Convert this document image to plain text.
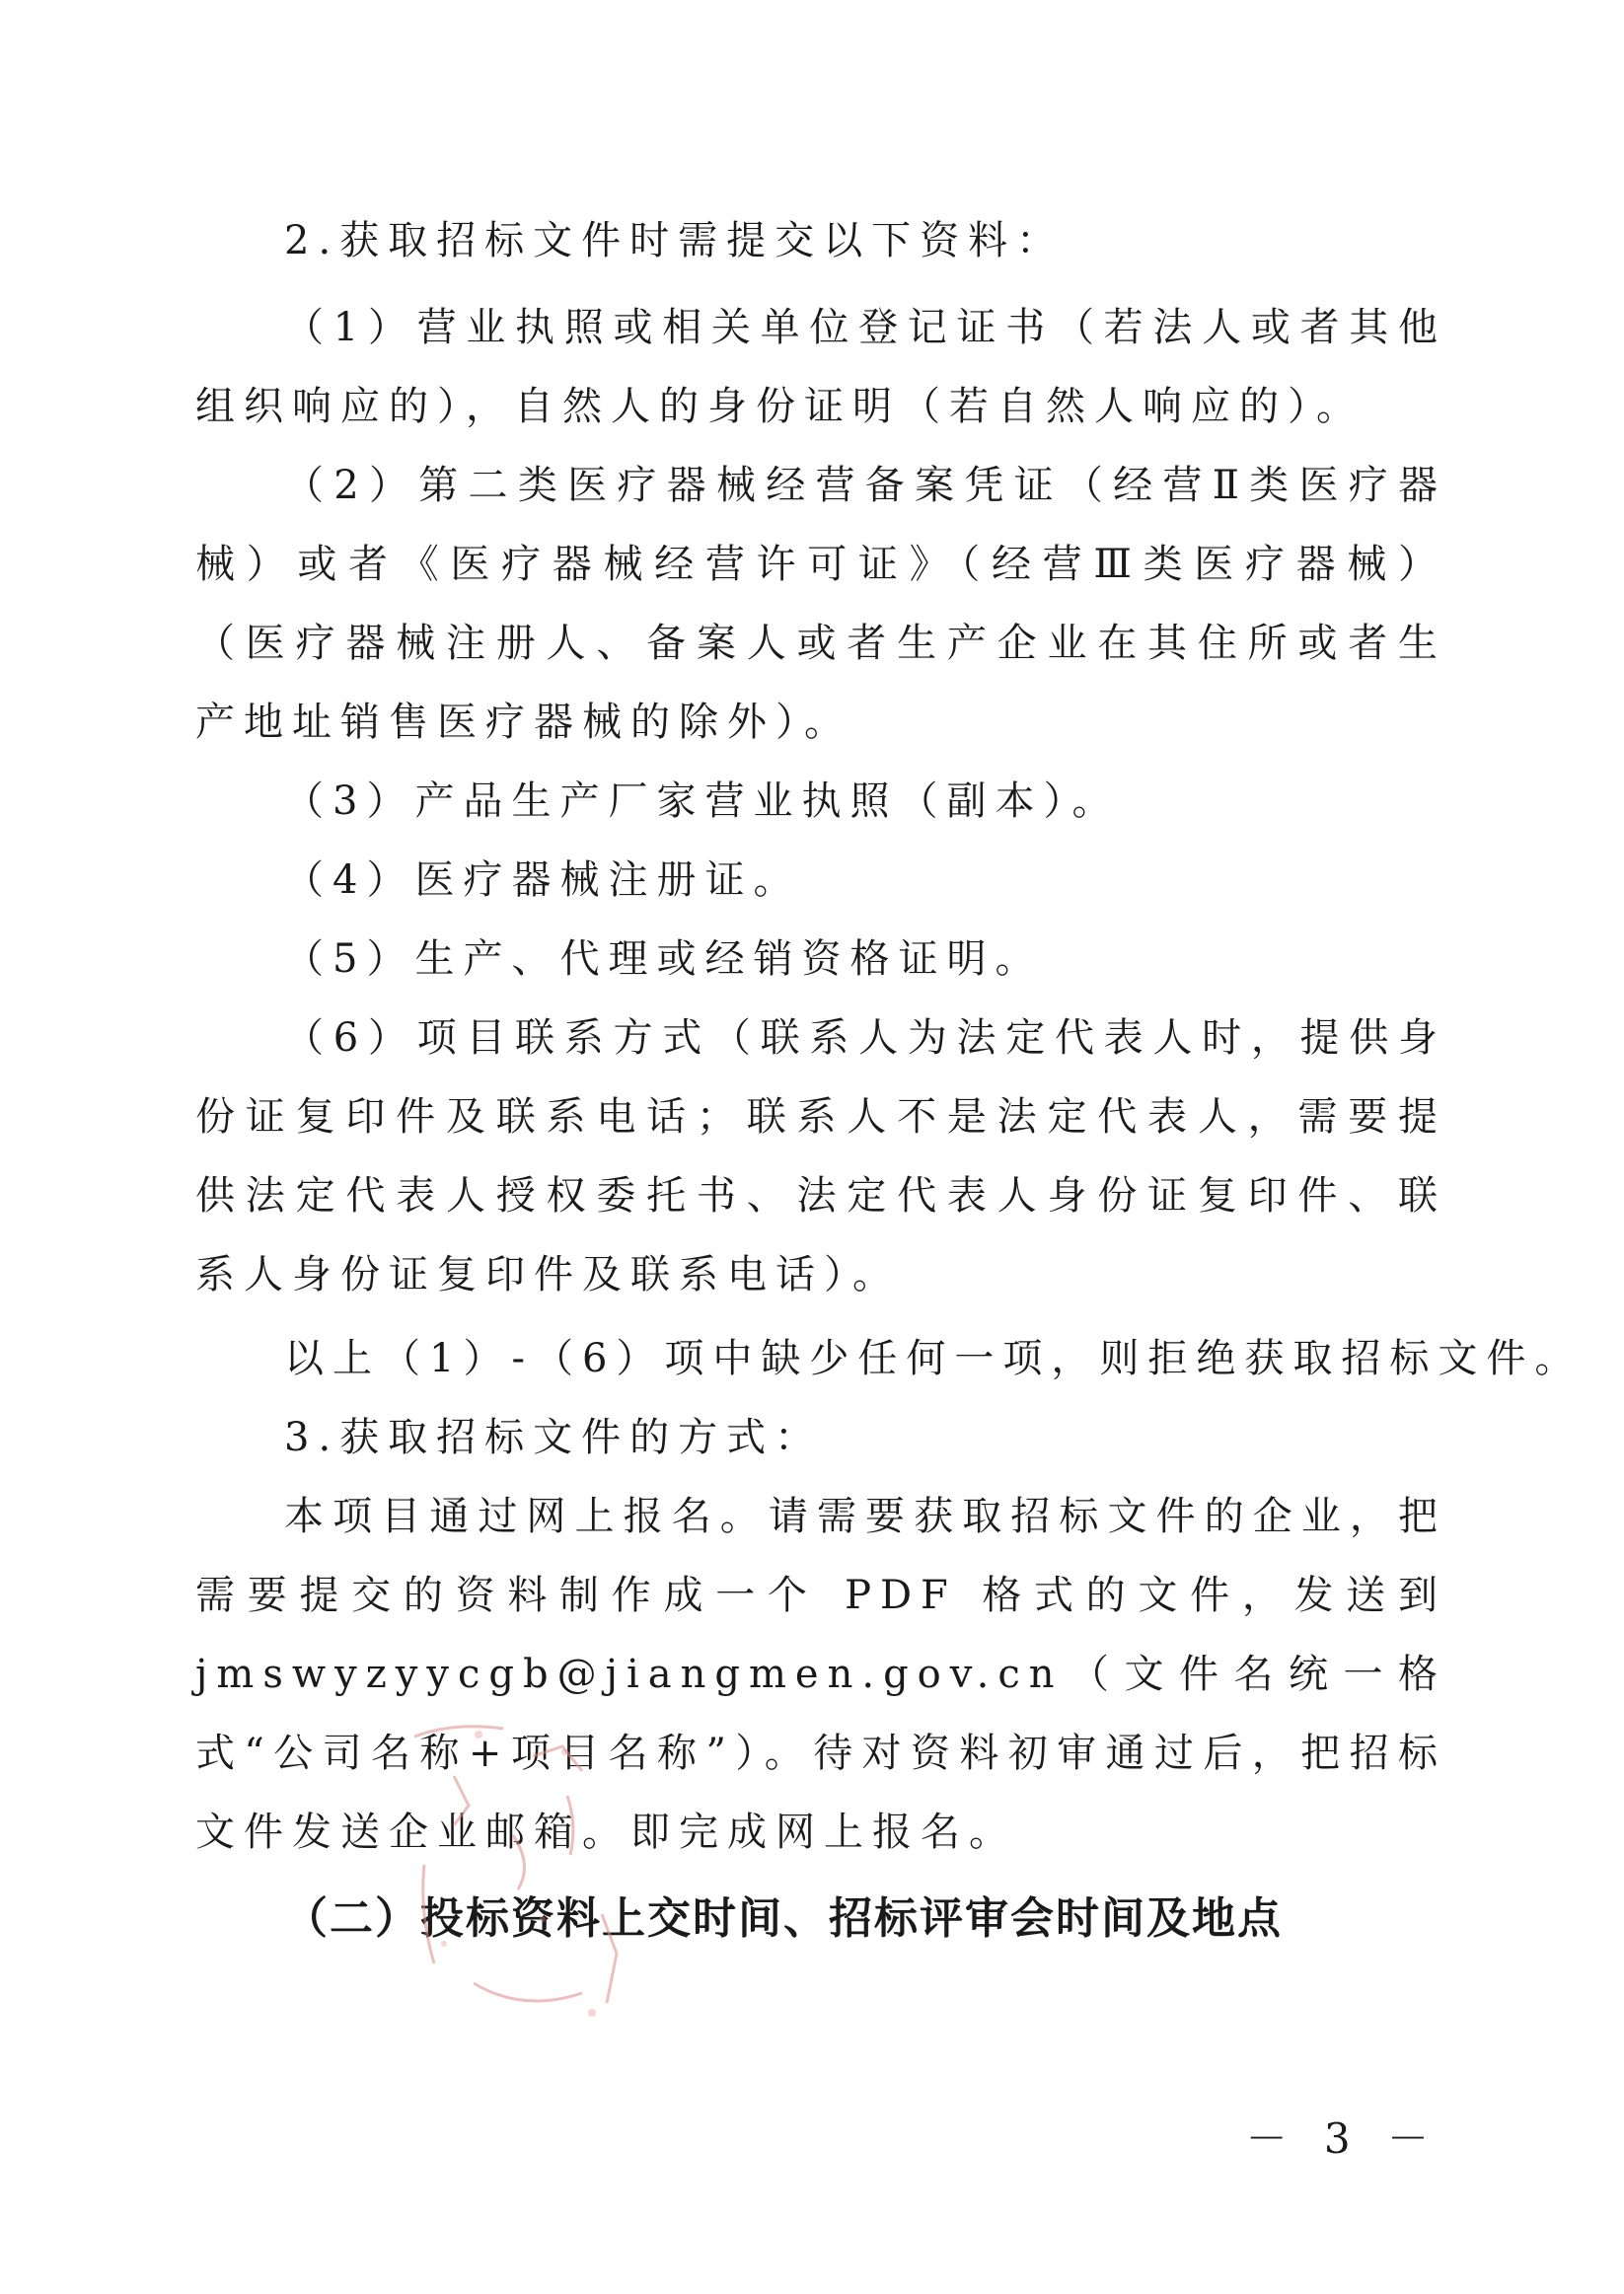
2.获取招标文件时需提交以下资料：
（1）营业执照或相关单位登记证书（若法人或者其他组织响应的），自然人的身份证明（若自然人响应的）。
（2）第二类医疗器械经营备案凭证（经营Ⅱ类医疗器械）或者《医疗器械经营许可证》（经营Ⅲ类医疗器械）（医疗器械注册人、备案人或者生产企业在其住所或者生产地址销售医疗器械的除外）。
（3）产品生产厂家营业执照（副本）。
（4）医疗器械注册证。
（5）生产、代理或经销资格证明。
（6）项目联系方式（联系人为法定代表人时，提供身份证复印件及联系电话；联系人不是法定代表人，需要提供法定代表人授权委托书、法定代表人身份证复印件、联系人身份证复印件及联系电话）。
以上（1）-（6）项中缺少任何一项，则拒绝获取招标文件。
3.获取招标文件的方式：
本项目通过网上报名。请需要获取招标文件的企业，把需要提交的资料制作成一个 PDF 格式的文件，发送到jmswyzyycgb@jiangmen.gov.cn（文件名统一格式“公司名称+项目名称”）。待对资料初审通过后，把招标文件发送企业邮箱。即完成网上报名。
（二）投标资料上交时间、招标评审会时间及地点
－ 3 －
